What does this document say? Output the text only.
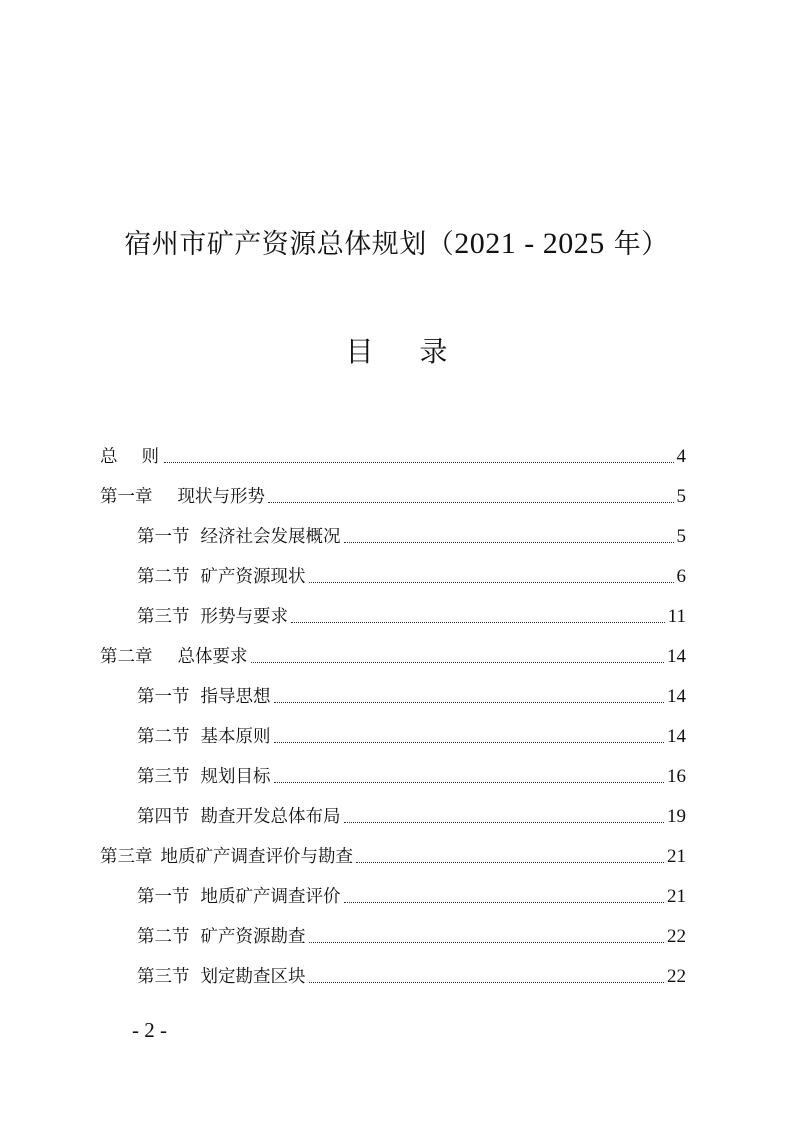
宿州市矿产资源总体规划（2021 - 2025 年）
目录
总则	4
第一章 现状与形势	5
第一节 经济社会发展概况	5
第二节 矿产资源现状	6
第三节 形势与要求	11
第二章 总体要求	14
第一节 指导思想	14
第二节 基本原则	14
第三节 规划目标	16
第四节 勘查开发总体布局	19
第三章 地质矿产调查评价与勘查	21
第一节 地质矿产调查评价	21
第二节 矿产资源勘查	22
第三节 划定勘查区块	22
- 2 -
